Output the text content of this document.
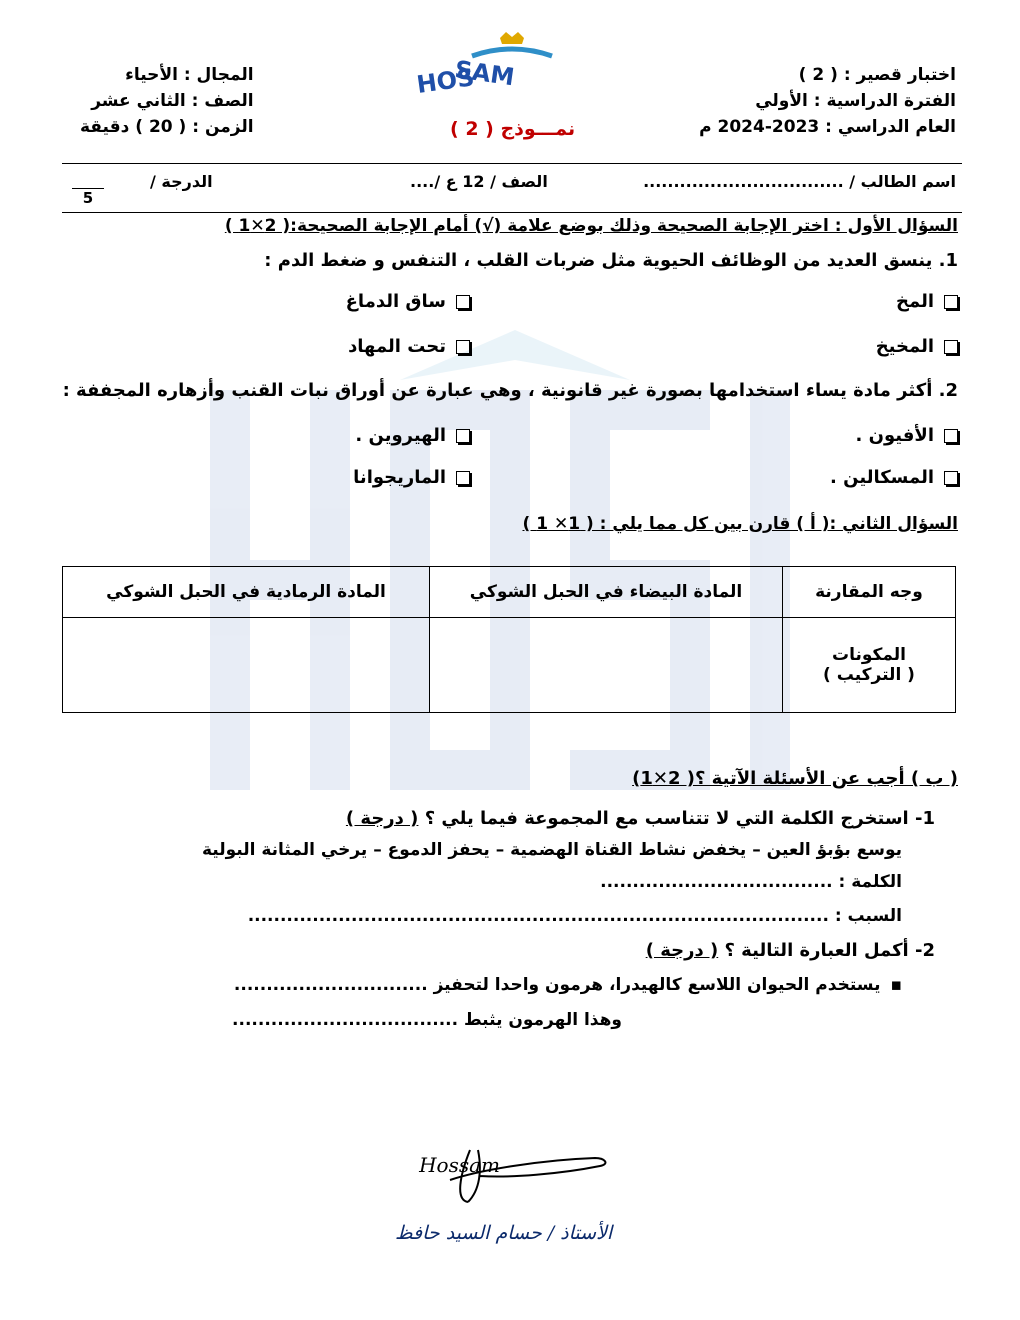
اختبار قصير : ( 2 )
الفترة الدراسية : الأولي
العام الدراسي : 2023-2024 م
HOS
SAM
نمـــوذج ( 2 )
المجال : الأحياء
الصف : الثاني عشر
الزمن : ( 20 ) دقيقة
اسم الطالب / .................................
الصف / 12 ع /....
الدرجة /
5
السؤال الأول : اختر الإجابة الصحيحة وذلك بوضع علامة (√) أمام الإجابة الصحيحة:( 2✕1 )
1. ينسق العديد من الوظائف الحيوية مثل ضربات القلب ، التنفس و ضغط الدم :
المخ
ساق الدماغ
المخيخ
تحت المهاد
2. أكثر مادة يساء استخدامها بصورة غير قانونية ، وهي عبارة عن أوراق نبات القنب وأزهاره المجففة :
الأفيون .
الهيروين .
المسكالين .
الماريجوانا
السؤال الثاني :( أ ) قارن بين كل مما يلي : ( 1✕ 1 )
وجه المقارنة	المادة البيضاء في الحبل الشوكي	المادة الرمادية في الحبل الشوكي

المكونات
( التركيب )		

( ب ) أجب عن الأسئلة الآتية ؟( 2✕1)
1- استخرج الكلمة التي لا تتناسب مع المجموعة فيما يلي ؟ ( درجة )
يوسع بؤبؤ العين – يخفض نشاط القناة الهضمية – يحفز الدموع – يرخي المثانة البولية
الكلمة : ....................................
السبب : ..........................................................................................
2- أكمل العبارة التالية ؟ ( درجة )
▪يستخدم الحيوان اللاسع كالهيدرا، هرمون واحدا لتحفيز ..............................
وهذا الهرمون يثبط ...................................
Hossam
الأستاذ / حسام السيد حافظ
